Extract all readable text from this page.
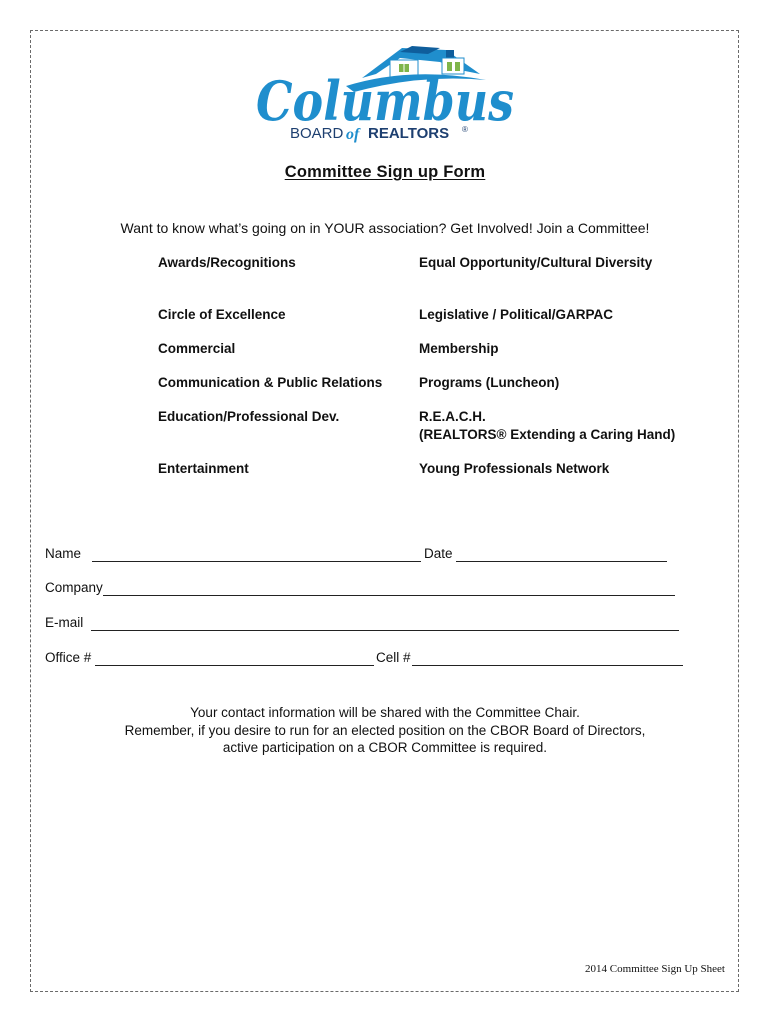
Columbus
BOARD of REALTORS ®
Committee Sign up Form
Want to know what’s going on in YOUR association? Get Involved! Join a Committee!
Awards/Recognitions
Circle of Excellence
Commercial
Communication & Public Relations
Education/Professional Dev.
Entertainment
Equal Opportunity/Cultural Diversity
Legislative / Political/GARPAC
Membership
Programs (Luncheon)
R.E.A.C.H.
(REALTORS® Extending a Caring Hand)
Young Professionals Network
Name	Date
Company
E-mail
Office #	Cell #
Your contact information will be shared with the Committee Chair.
Remember, if you desire to run for an elected position on the CBOR Board of Directors,
active participation on a CBOR Committee is required.
2014 Committee Sign Up Sheet
